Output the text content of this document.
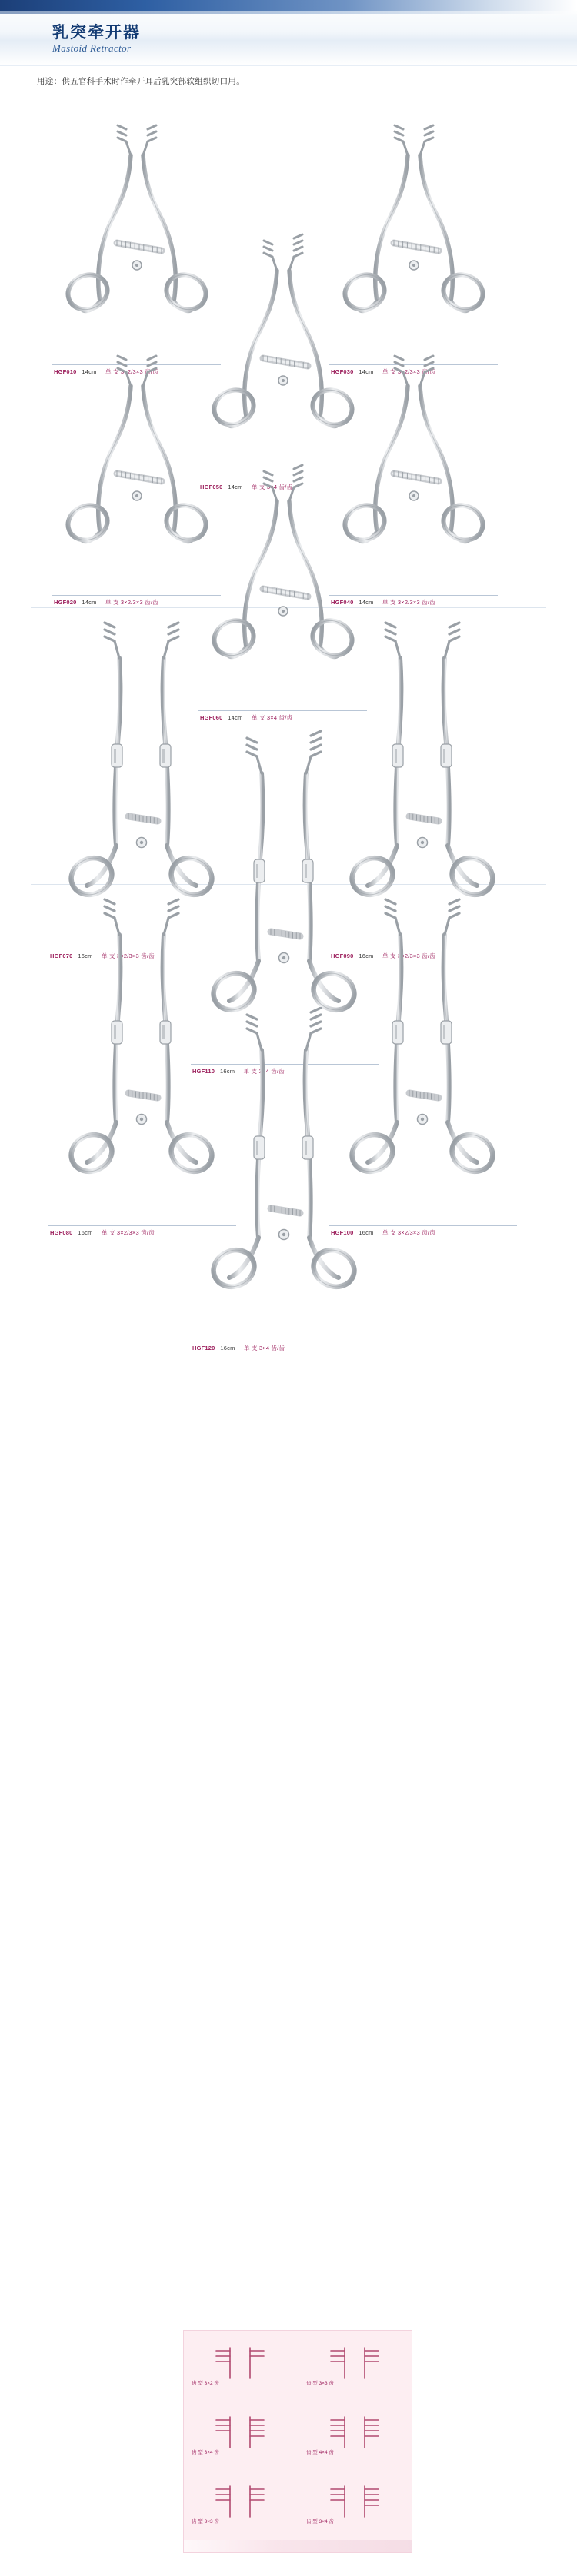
乳突牵开器
Mastoid Retractor
用途：供五官科手术时作牵开耳后乳突部软组织切口用。
HGF010 14cm 单 支 3×2/3×3 齿/齿	HGF030 14cm 单 支 3×2/3×3 齿/齿
HGF050 14cm 单 支 3×4 齿/齿
HGF020 14cm 单 支 3×2/3×3 齿/齿	HGF040 14cm 单 支 3×2/3×3 齿/齿
HGF060 14cm 单 支 3×4 齿/齿
HGF070 16cm 单 支 3×2/3×3 齿/齿	HGF090 16cm 单 支 3×2/3×3 齿/齿
HGF110 16cm 单 支 3×4 齿/齿
HGF080 16cm 单 支 3×2/3×3 齿/齿	HGF100 16cm 单 支 3×2/3×3 齿/齿
HGF120 16cm 单 支 3×4 齿/齿
齿 型 3×2 齿	齿 型 3×3 齿
齿 型 3×4 齿	齿 型 4×4 齿
齿 型 3×3 齿	齿 型 3×4 齿
